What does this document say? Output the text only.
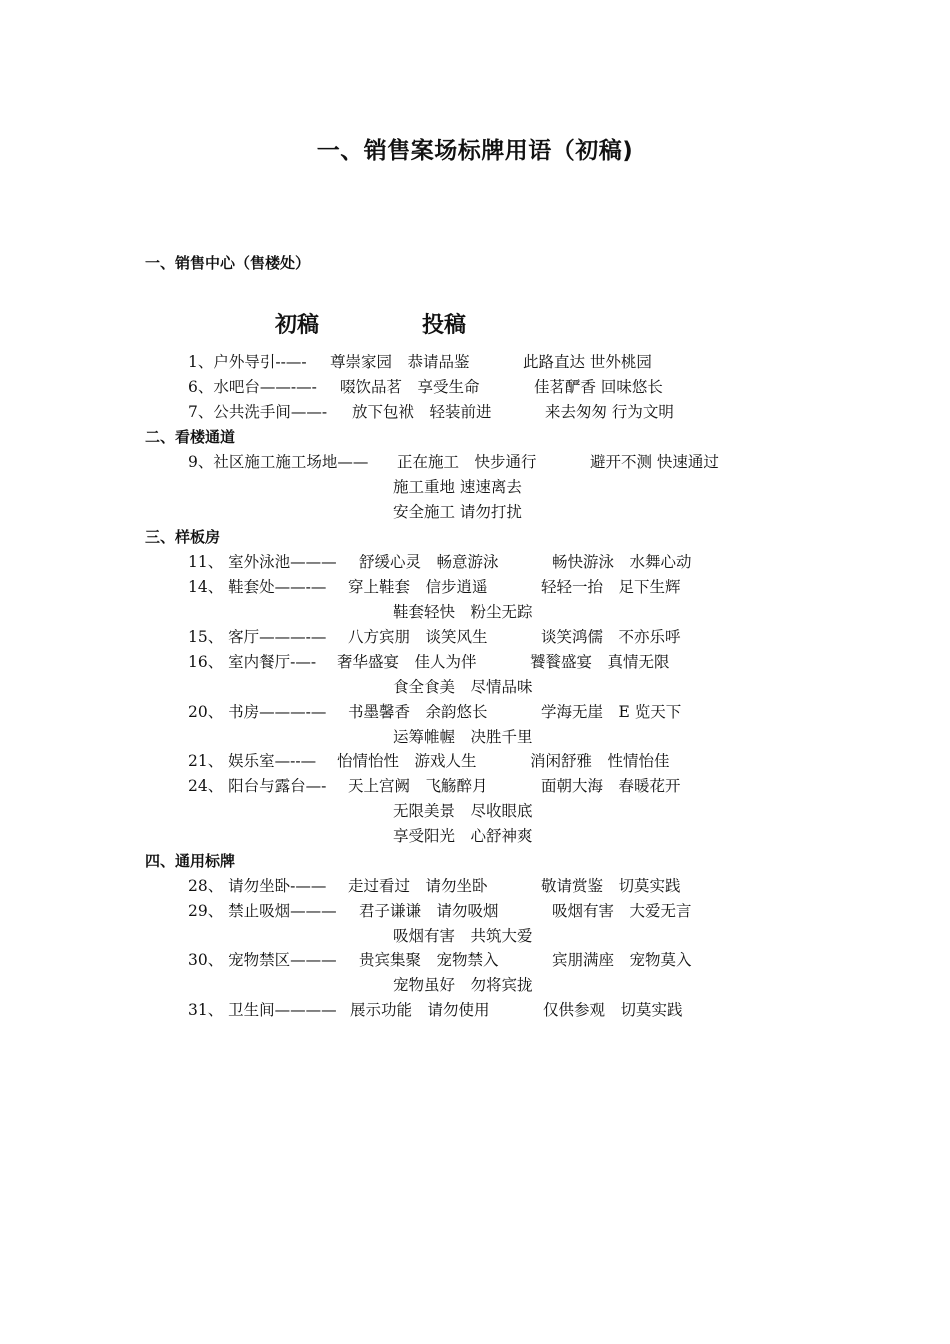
一、销售案场标牌用语（初稿)
一、销售中心（售楼处）
初稿	投稿
1、户外导引--—- 尊崇家园　恭请品鉴	此路直达 世外桃园
6、水吧台——-—- 啜饮品茗　享受生命	佳茗酽香 回味悠长
7、公共洗手间——- 放下包袱　轻装前进	来去匆匆 行为文明
二、看楼通道
9、社区施工施工场地—— 正在施工　快步通行	避开不测 快速通过
施工重地 速速离去
安全施工 请勿打扰
三、样板房
11、 室外泳池——— 舒缓心灵　畅意游泳	畅快游泳　水舞心动
14、 鞋套处——-— 穿上鞋套　信步逍遥	轻轻一抬　足下生辉
鞋套轻快　粉尘无踪
15、 客厅———-— 八方宾朋　谈笑风生	谈笑鸿儒　不亦乐呼
16、 室内餐厅-—- 奢华盛宴　佳人为伴	饕餮盛宴　真情无限
食全食美　尽情品味
20、 书房———-— 书墨馨香　余韵悠长	学海无崖　E 览天下
运筹帷幄　决胜千里
21、 娱乐室—--— 怡情怡性　游戏人生	消闲舒雅　性情怡佳
24、 阳台与露台—- 天上宫阙　飞觞醉月	面朝大海　春暖花开
无限美景　尽收眼底
享受阳光　心舒神爽
四、通用标牌
28、 请勿坐卧-—— 走过看过　请勿坐卧	敬请赏鉴　切莫实践
29、 禁止吸烟——— 君子谦谦　请勿吸烟	吸烟有害　大爱无言
吸烟有害　共筑大爱
30、 宠物禁区——— 贵宾集聚　宠物禁入	宾朋满座　宠物莫入
宠物虽好　勿将宾拢
31、 卫生间———— 展示功能　请勿使用	仅供参观　切莫实践
